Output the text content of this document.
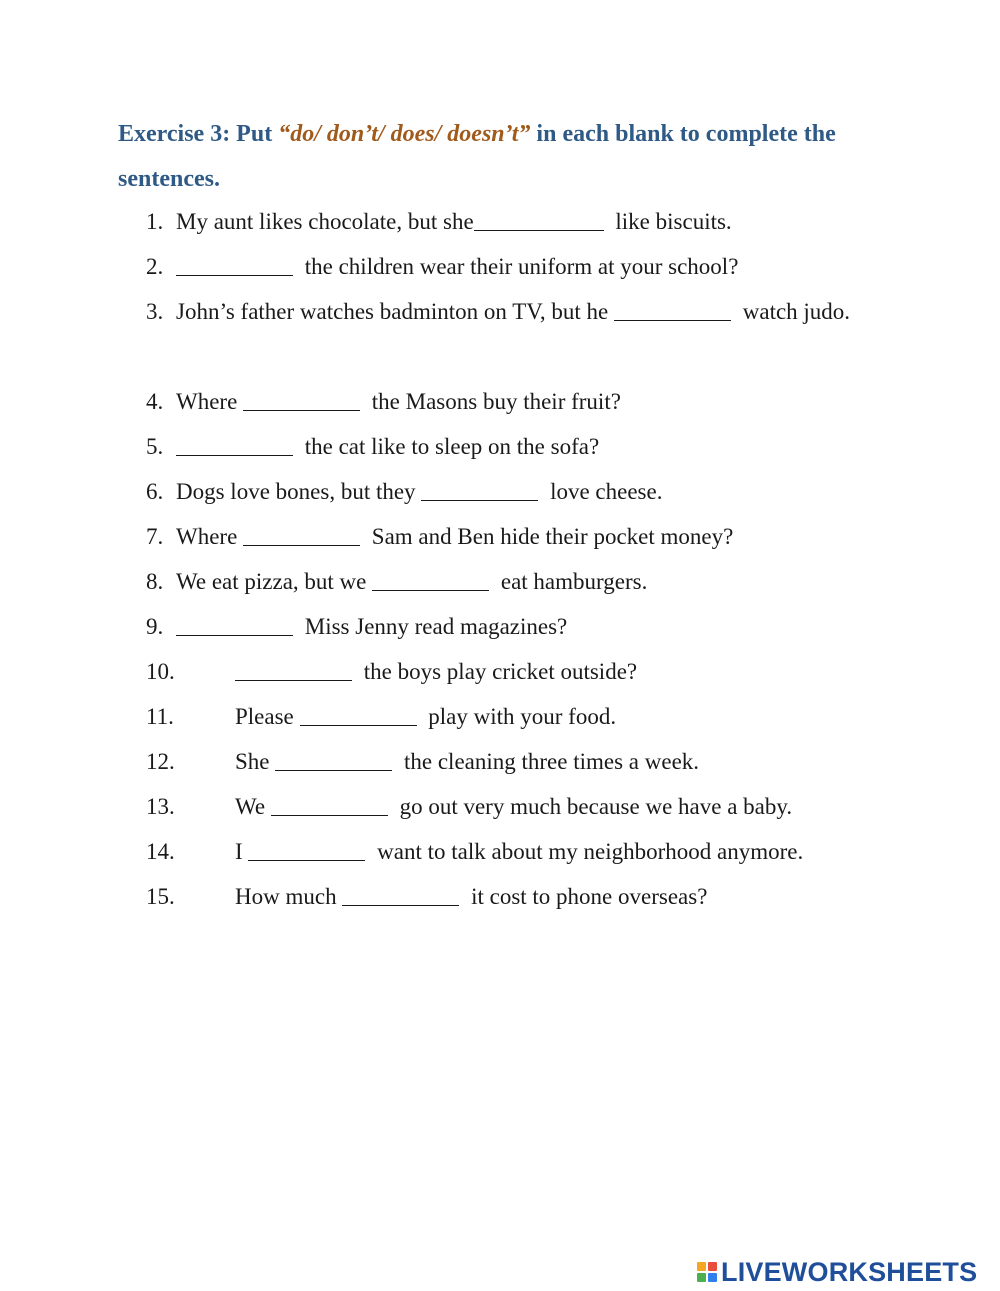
Exercise 3: Put “do/ don’t/ does/ doesn’t” in each blank to complete the sentences.

1. My aunt likes chocolate, but she	like biscuits.

2.	the children wear their uniform at your school?

3. John’s father watches badminton on TV, but he	watch judo.

4. Where	the Masons buy their fruit?

5.	the cat like to sleep on the sofa?

6. Dogs love bones, but they	love cheese.

7. Where	Sam and Ben hide their pocket money?

8. We eat pizza, but we	eat hamburgers.

9.	Miss Jenny read magazines?

10.	the boys play cricket outside?

11.	Please	play with your food.

12.	She	the cleaning three times a week.

13.	We	go out very much because we have a baby.

14.	I	want to talk about my neighborhood anymore.

15.	How much	it cost to phone overseas?

LIVEWORKSHEETS
